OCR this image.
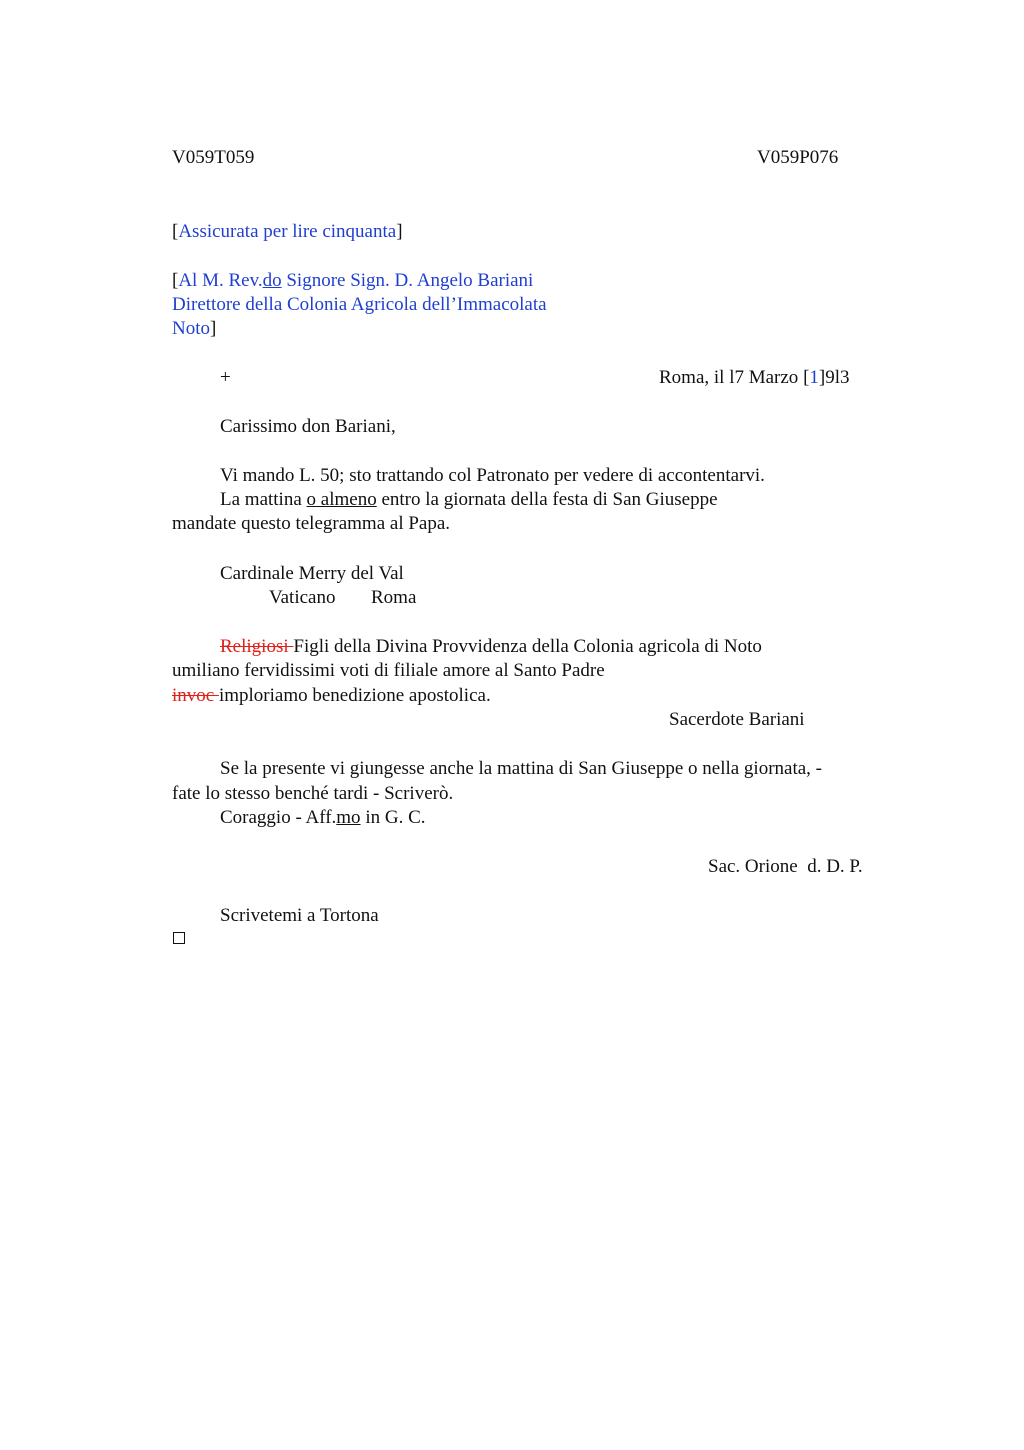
V059T059	V059P076
[Assicurata per lire cinquanta]
[Al M. Rev.do Signore Sign. D. Angelo Bariani
Direttore della Colonia Agricola dell’Immacolata
Noto]
+	Roma, il l7 Marzo [1]9l3
Carissimo don Bariani,
Vi mando L. 50; sto trattando col Patronato per vedere di accontentarvi.
La mattina o almeno entro la giornata della festa di San Giuseppe
mandate questo telegramma al Papa.
Cardinale Merry del Val
Vaticano Roma
Religiosi Figli della Divina Provvidenza della Colonia agricola di Noto
umiliano fervidissimi voti di filiale amore al Santo Padre
invoc imploriamo benedizione apostolica.
Sacerdote Bariani
Se la presente vi giungesse anche la mattina di San Giuseppe o nella giornata, -
fate lo stesso benché tardi - Scriverò.
Coraggio - Aff.mo in G. C.
Sac. Orione  d. D. P.
Scrivetemi a Tortona
